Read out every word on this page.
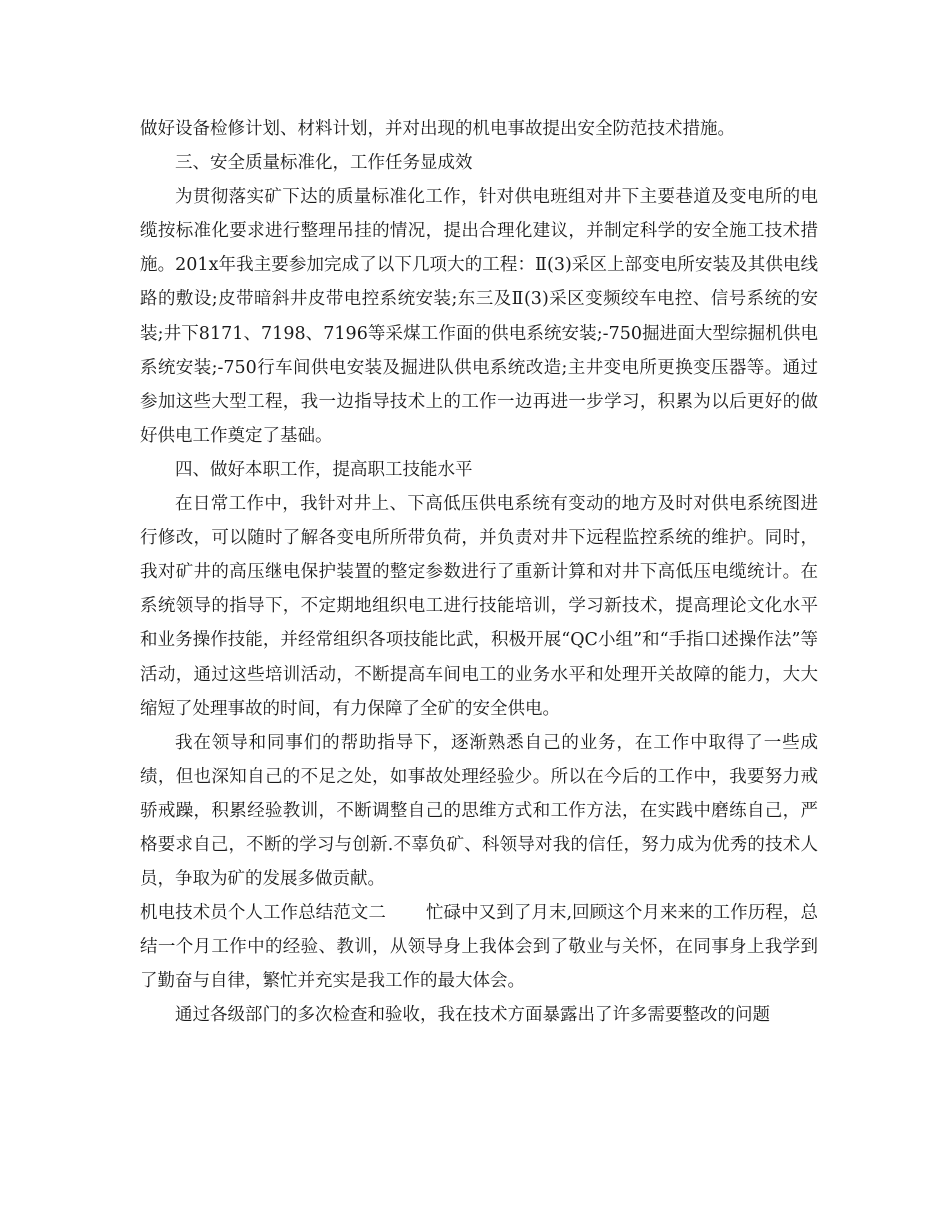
做好设备检修计划、材料计划，并对出现的机电事故提出安全防范技术措施。

三、安全质量标准化，工作任务显成效

为贯彻落实矿下达的质量标准化工作，针对供电班组对井下主要巷道及变电所的电缆按标准化要求进行整理吊挂的情况，提出合理化建议，并制定科学的安全施工技术措施。201x年我主要参加完成了以下几项大的工程：Ⅱ(3)采区上部变电所安装及其供电线路的敷设;皮带暗斜井皮带电控系统安装;东三及Ⅱ(3)采区变频绞车电控、信号系统的安装;井下8171、7198、7196等采煤工作面的供电系统安装;-750掘进面大型综掘机供电系统安装;-750行车间供电安装及掘进队供电系统改造;主井变电所更换变压器等。通过参加这些大型工程，我一边指导技术上的工作一边再进一步学习，积累为以后更好的做好供电工作奠定了基础。

四、做好本职工作，提高职工技能水平

在日常工作中，我针对井上、下高低压供电系统有变动的地方及时对供电系统图进行修改，可以随时了解各变电所所带负荷，并负责对井下远程监控系统的维护。同时，我对矿井的高压继电保护装置的整定参数进行了重新计算和对井下高低压电缆统计。在系统领导的指导下，不定期地组织电工进行技能培训，学习新技术，提高理论文化水平和业务操作技能，并经常组织各项技能比武，积极开展“QC小组”和“手指口述操作法”等活动，通过这些培训活动，不断提高车间电工的业务水平和处理开关故障的能力，大大缩短了处理事故的时间，有力保障了全矿的安全供电。

我在领导和同事们的帮助指导下，逐渐熟悉自己的业务，在工作中取得了一些成绩，但也深知自己的不足之处，如事故处理经验少。所以在今后的工作中，我要努力戒骄戒躁，积累经验教训，不断调整自己的思维方式和工作方法，在实践中磨练自己，严格要求自己，不断的学习与创新.不辜负矿、科领导对我的信任，努力成为优秀的技术人员，争取为矿的发展多做贡献。

机电技术员个人工作总结范文二 忙碌中又到了月末,回顾这个月来来的工作历程，总结一个月工作中的经验、教训，从领导身上我体会到了敬业与关怀，在同事身上我学到了勤奋与自律，繁忙并充实是我工作的最大体会。

通过各级部门的多次检查和验收，我在技术方面暴露出了许多需要整改的问题
